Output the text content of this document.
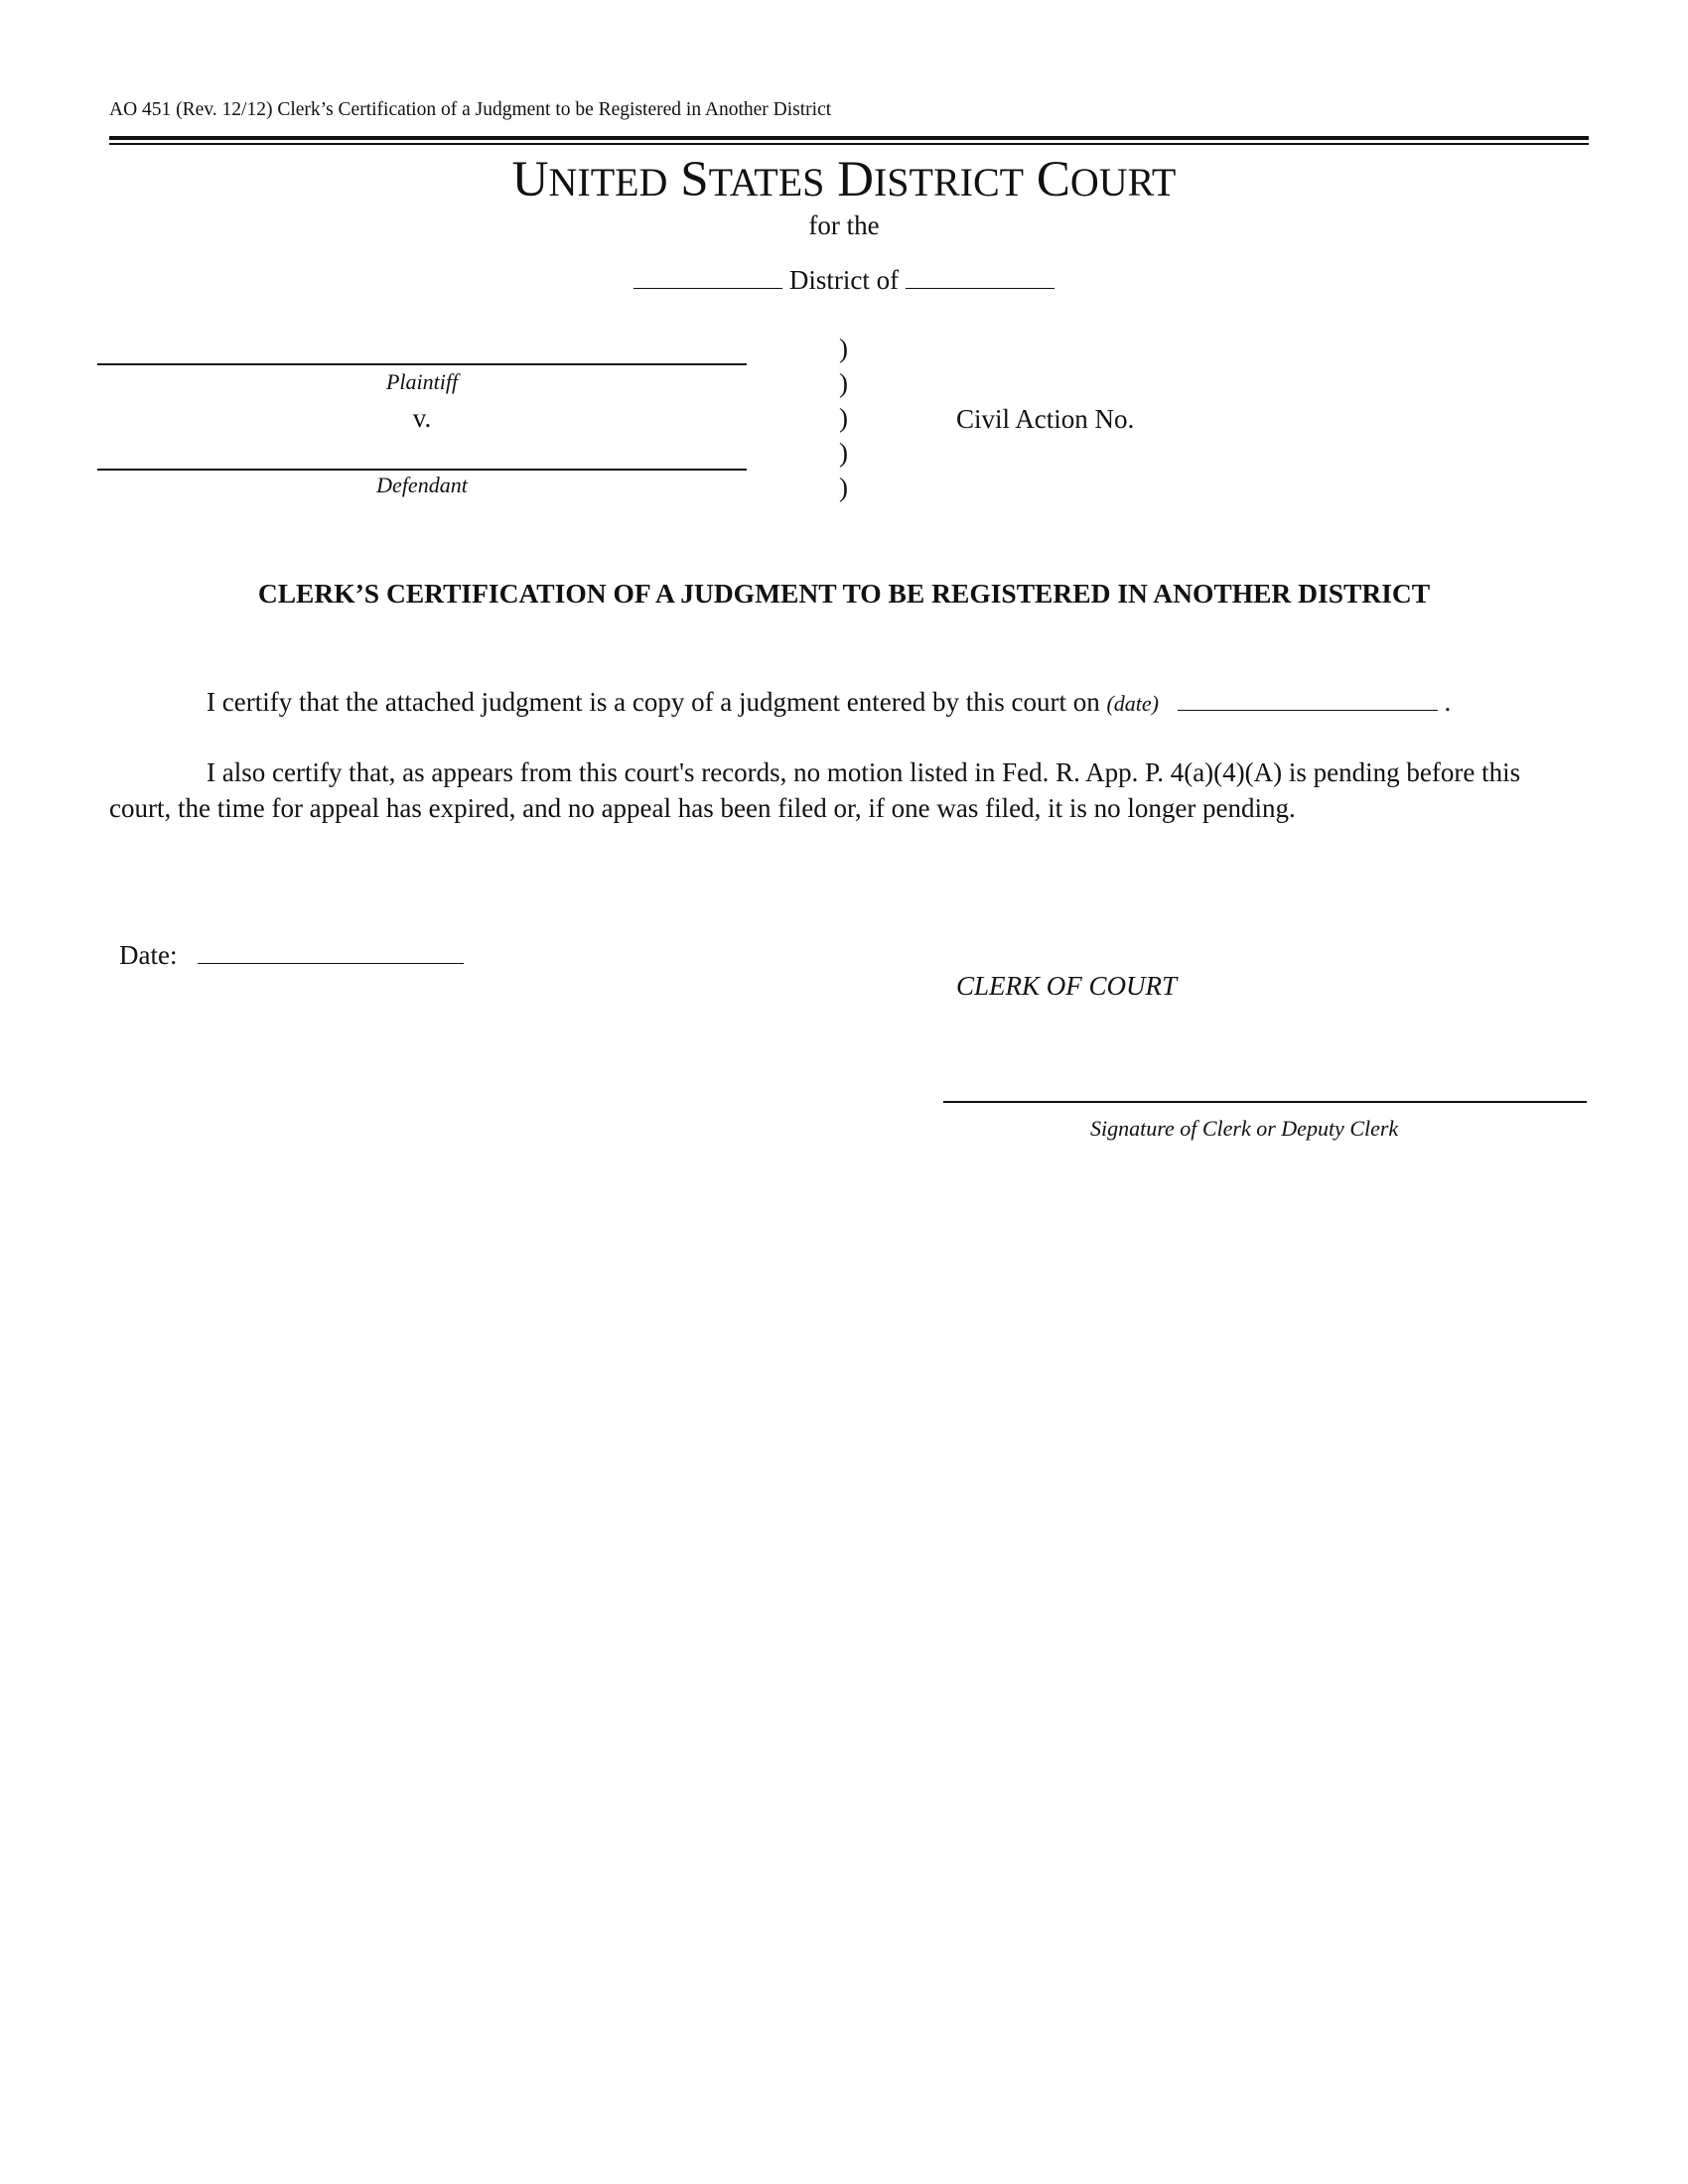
AO 451 (Rev. 12/12) Clerk’s Certification of a Judgment to be Registered in Another District
UNITED STATES DISTRICT COURT
for the
District of
Plaintiff
v.
Defendant
)
)
)
)
)
Civil Action No.
CLERK’S CERTIFICATION OF A JUDGMENT TO BE REGISTERED IN ANOTHER DISTRICT
I certify that the attached judgment is a copy of a judgment entered by this court on (date)	.
I also certify that, as appears from this court's records, no motion listed in Fed. R. App. P. 4(a)(4)(A) is pending before this court, the time for appeal has expired, and no appeal has been filed or, if one was filed, it is no longer pending.
Date:
CLERK OF COURT
Signature of Clerk or Deputy Clerk
